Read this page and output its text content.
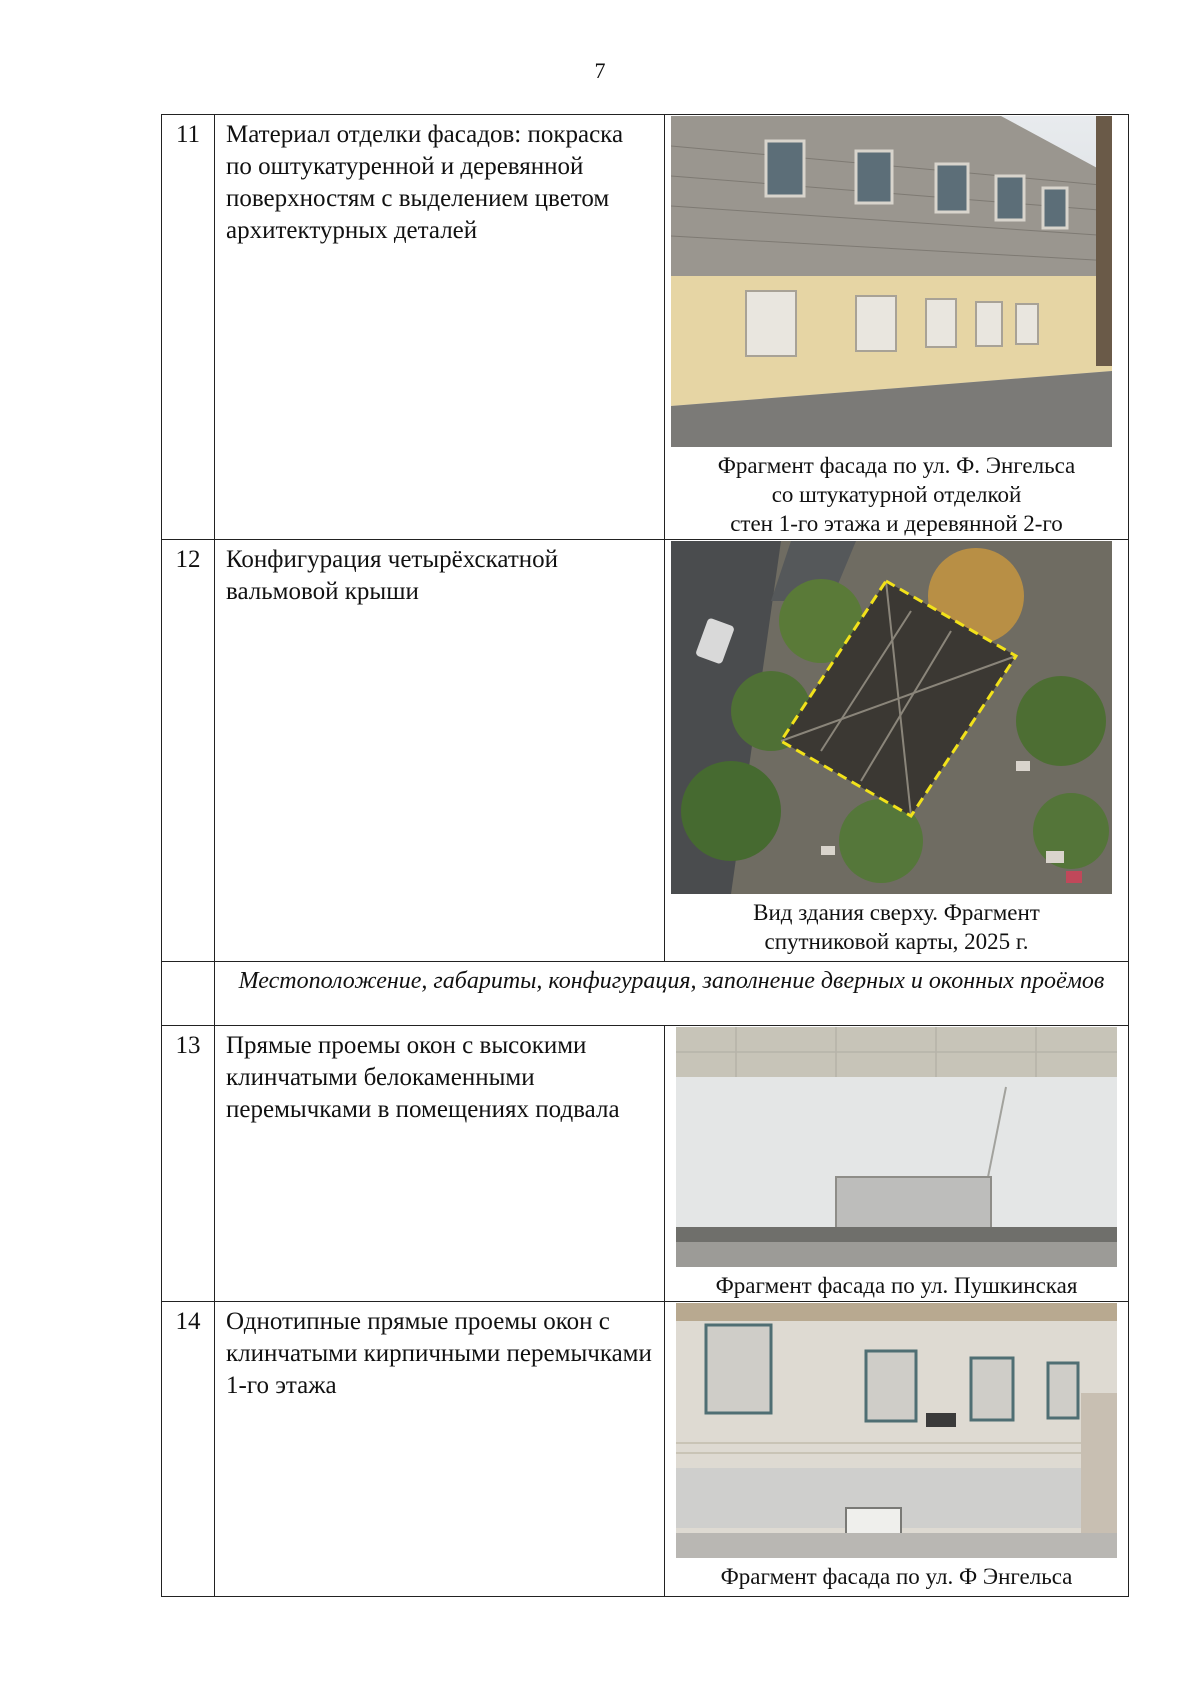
7
11	Материал отделки фасадов: покраска по оштукатуренной и деревянной поверхностям с выделением цветом архитектурных деталей	Фрагмент фасада по ул. Ф. Энгельса
со штукатурной отделкой
стен 1-го этажа и деревянной 2-го

12	Конфигурация четырёхскатной вальмовой крыши	Вид здания сверху. Фрагмент
спутниковой карты, 2025 г.

	Местоположение, габариты, конфигурация, заполнение дверных и оконных проёмов	
13	Прямые проемы окон с высокими клинчатыми белокаменными перемычками в помещениях подвала	Фрагмент фасада по ул. Пушкинская

14	Однотипные прямые проемы окон с клинчатыми кирпичными перемычками 1-го этажа	Фрагмент фасада по ул. Ф Энгельса
